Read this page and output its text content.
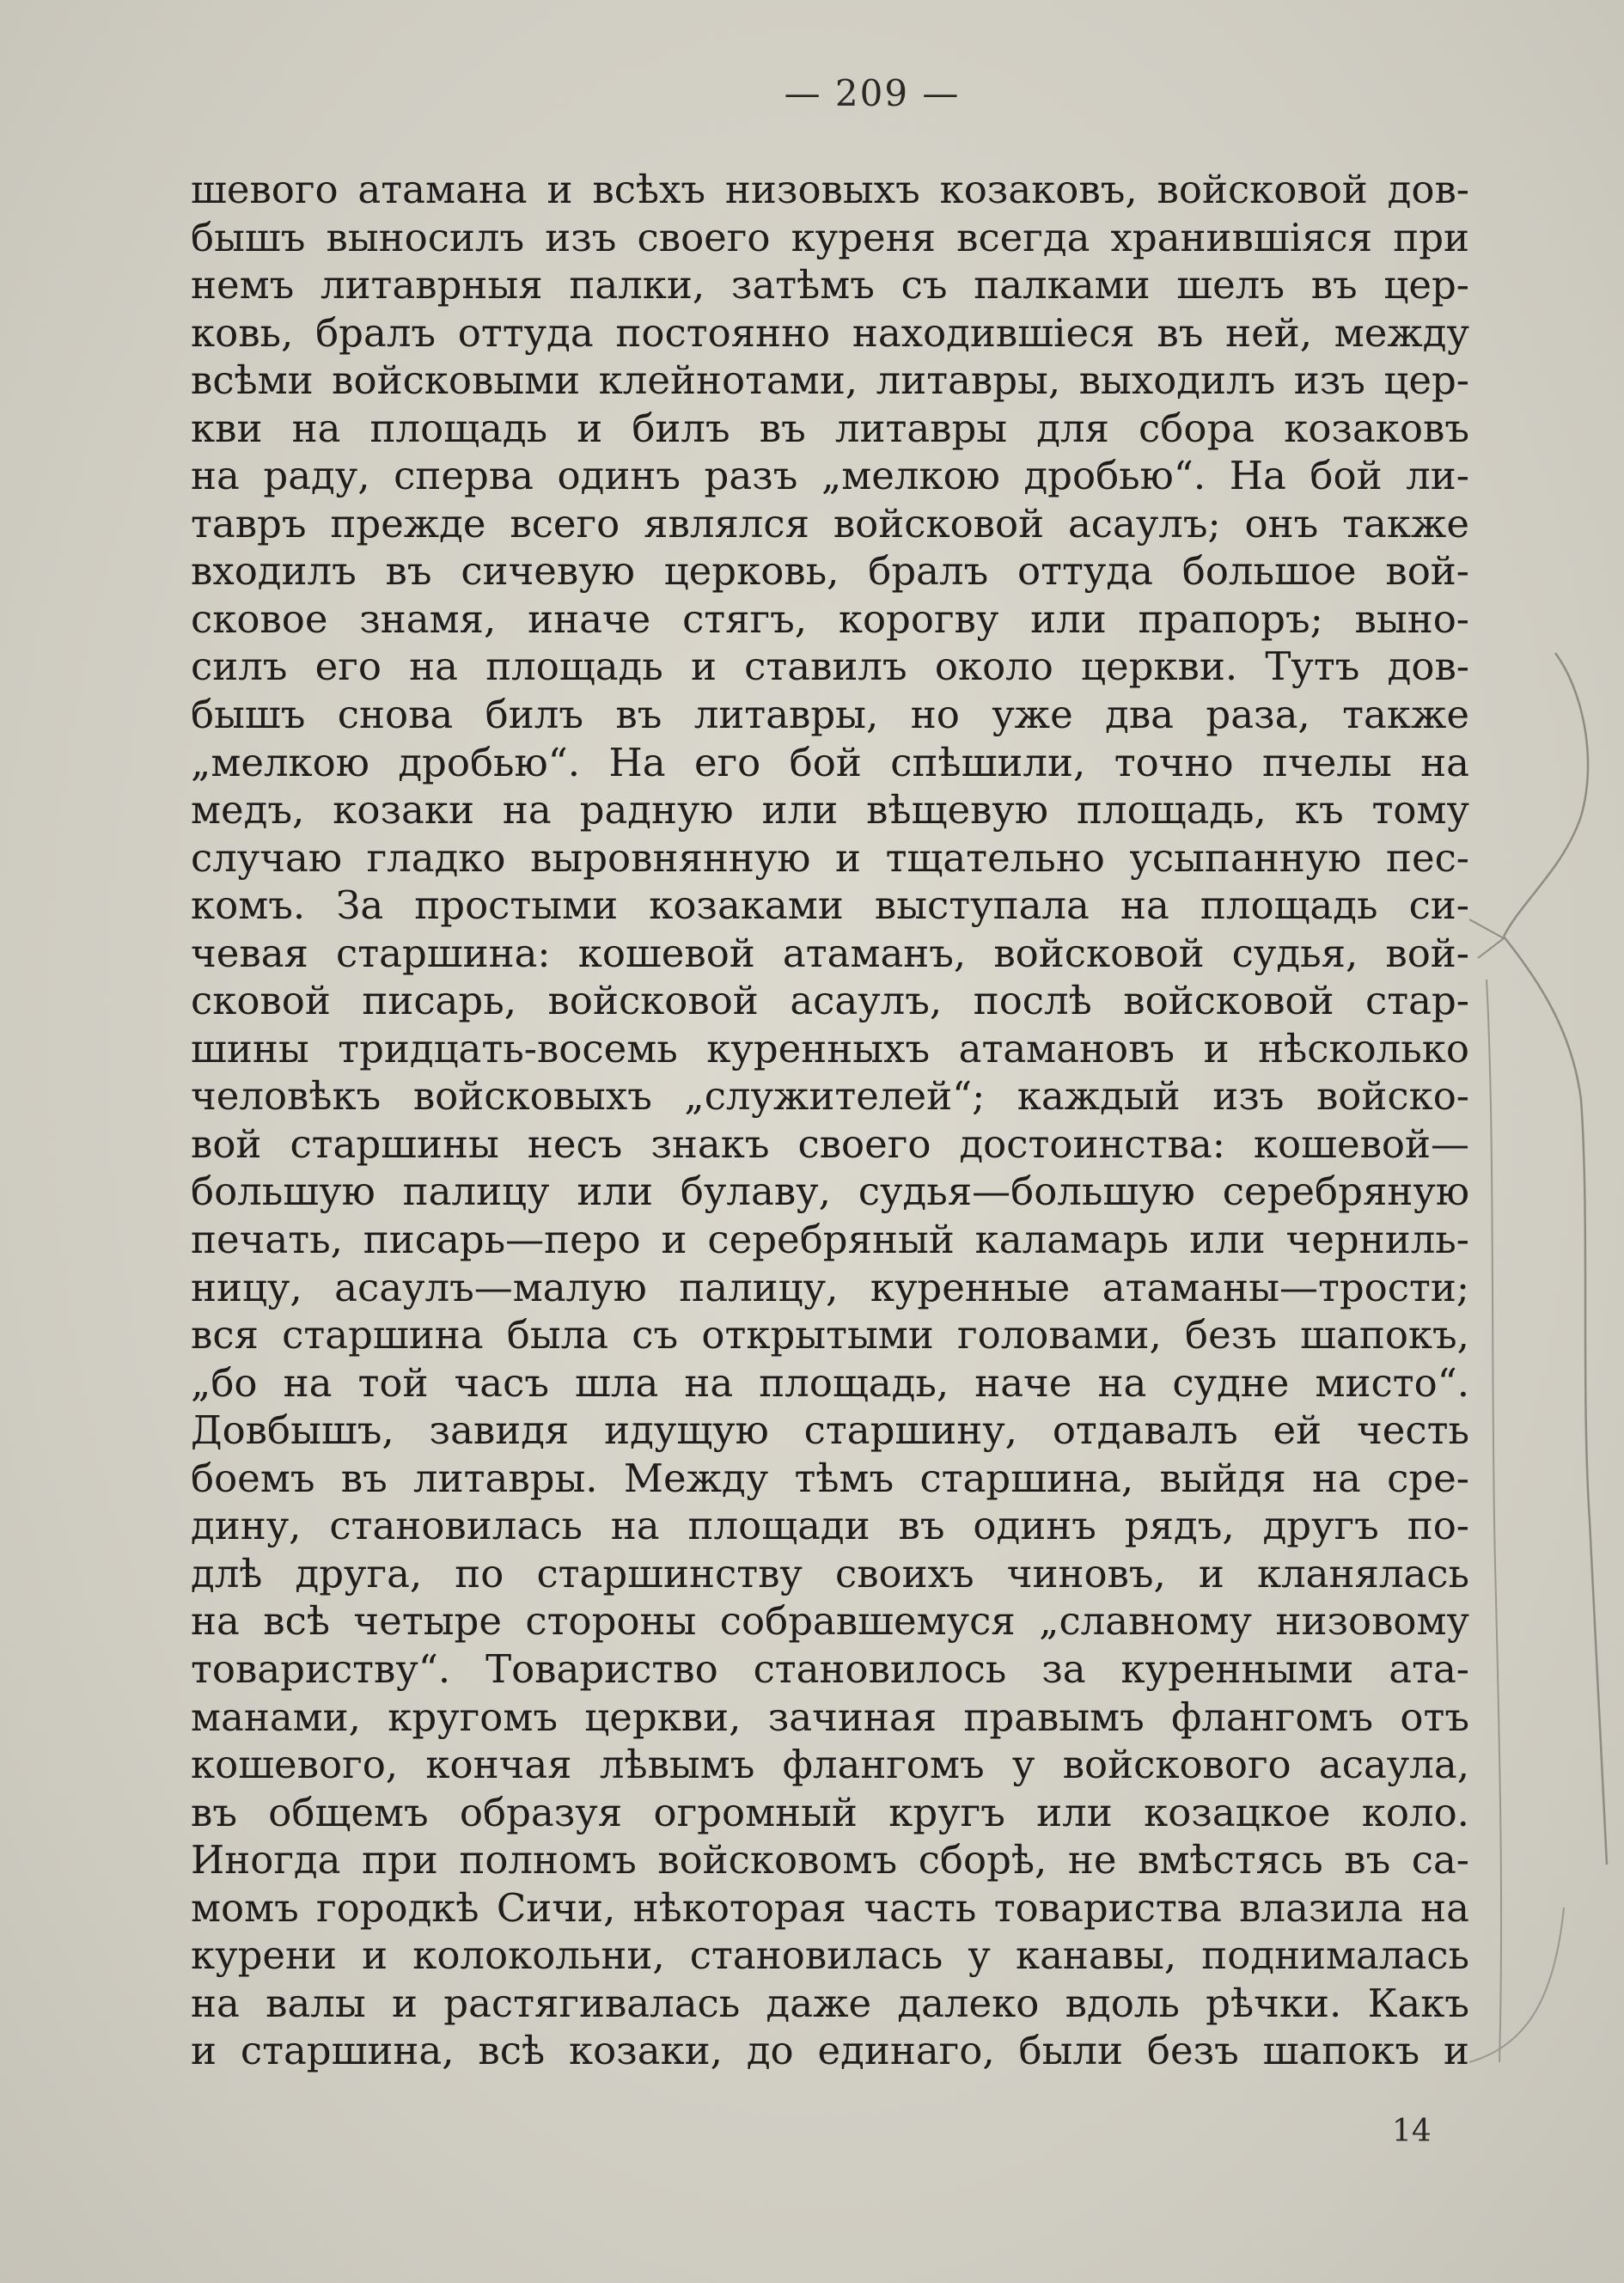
— 209 —
шевого атамана и всѣхъ низовыхъ козаковъ, войсковой дов-
бышъ выносилъ изъ своего куреня всегда хранившіяся при
немъ литаврныя палки, затѣмъ съ палками шелъ въ цер-
ковь, бралъ оттуда постоянно находившіеся въ ней, между
всѣми войсковыми клейнотами, литавры, выходилъ изъ цер-
кви на площадь и билъ въ литавры для сбора козаковъ
на раду, сперва одинъ разъ „мелкою дробью“. На бой ли-
тавръ прежде всего являлся войсковой асаулъ; онъ также
входилъ въ сичевую церковь, бралъ оттуда большое вой-
сковое знамя, иначе стягъ, корогву или прапоръ; выно-
силъ его на площадь и ставилъ около церкви. Тутъ дов-
бышъ снова билъ въ литавры, но уже два раза, также
„мелкою дробью“. На его бой спѣшили, точно пчелы на
медъ, козаки на радную или вѣщевую площадь, къ тому
случаю гладко выровнянную и тщательно усыпанную пес-
комъ. За простыми козаками выступала на площадь си-
чевая старшина: кошевой атаманъ, войсковой судья, вой-
сковой писарь, войсковой асаулъ, послѣ войсковой стар-
шины тридцать-восемь куренныхъ атамановъ и нѣсколько
человѣкъ войсковыхъ „служителей“; каждый изъ войско-
вой старшины несъ знакъ своего достоинства: кошевой—
большую палицу или булаву, судья—большую серебряную
печать, писарь—перо и серебряный каламарь или черниль-
ницу, асаулъ—малую палицу, куренные атаманы—трости;
вся старшина была съ открытыми головами, безъ шапокъ,
„бо на той часъ шла на площадь, наче на судне мисто“.
Довбышъ, завидя идущую старшину, отдавалъ ей честь
боемъ въ литавры. Между тѣмъ старшина, выйдя на сре-
дину, становилась на площади въ одинъ рядъ, другъ по-
длѣ друга, по старшинству своихъ чиновъ, и кланялась
на всѣ четыре стороны собравшемуся „славному низовому
товариству“. Товариство становилось за куренными ата-
манами, кругомъ церкви, зачиная правымъ флангомъ отъ
кошевого, кончая лѣвымъ флангомъ у войскового асаула,
въ общемъ образуя огромный кругъ или козацкое коло.
Иногда при полномъ войсковомъ сборѣ, не вмѣстясь въ са-
момъ городкѣ Сичи, нѣкоторая часть товариства влазила на
курени и колокольни, становилась у канавы, поднималась
на валы и растягивалась даже далеко вдоль рѣчки. Какъ
и старшина, всѣ козаки, до единаго, были безъ шапокъ и
14
